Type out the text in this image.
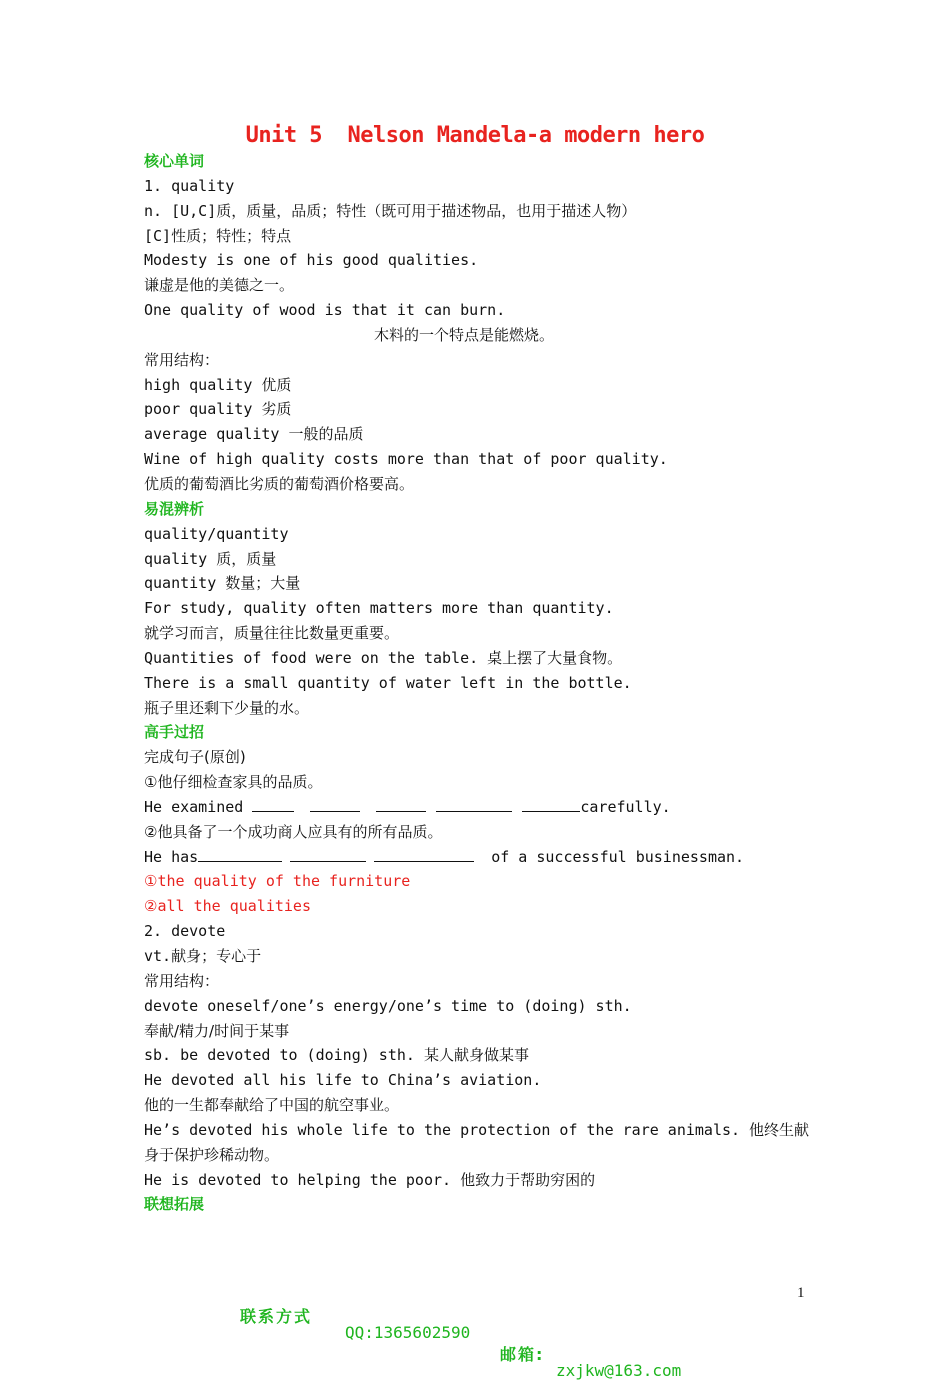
Unit 5  Nelson Mandela-a modern hero
核心单词
1. quality
n. [U,C]质，质量，品质；特性（既可用于描述物品，也用于描述人物）
[C]性质；特性；特点
Modesty is one of his good qualities.
谦虚是他的美德之一。
One quality of wood is that it can burn.
木料的一个特点是能燃烧。
常用结构：
high quality 优质
poor quality 劣质
average quality 一般的品质
Wine of high quality costs more than that of poor quality.
优质的葡萄酒比劣质的葡萄酒价格要高。
易混辨析
quality/quantity
quality 质，质量
quantity 数量；大量
For study, quality often matters more than quantity.
就学习而言，质量往往比数量更重要。
Quantities of food were on the table. 桌上摆了大量食物。
There is a small quantity of water left in the bottle.
瓶子里还剩下少量的水。
高手过招
完成句子(原创)
①他仔细检查家具的品质。
He examined	carefully.
②他具备了一个成功商人应具有的所有品质。
He has	of a successful businessman.
①the quality of the furniture
②all the qualities
2. devote
vt.献身；专心于
常用结构：
devote oneself/one’s energy/one’s time to (doing) sth.
奉献/精力/时间于某事
sb. be devoted to (doing) sth. 某人献身做某事
He devoted all his life to China’s aviation.
他的一生都奉献给了中国的航空事业。
He’s devoted his whole life to the protection of the rare animals. 他终生献身于保护珍稀动物。
He is devoted to helping the poor. 他致力于帮助穷困的
联想拓展

联系方式

QQ:1365602590

邮箱:

zxjkw@163.com

1
